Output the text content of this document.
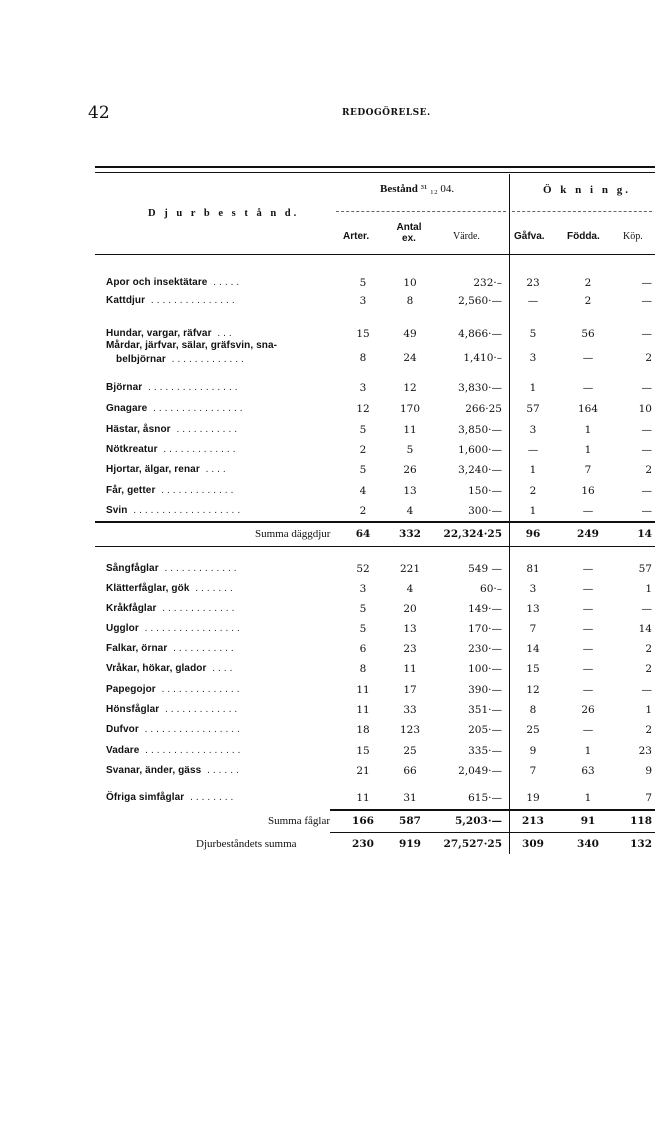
42	REDOGÖRELSE.
Bestånd ³¹ ₁₂ 04.	Ö k n i n g.
D j u r b e s t å n d.
Arter.
Antal ex.	Värde.	Gåfva. Födda. Köp.
Apor och insektätare .....	5	10	232·–	23	2	—
Kattdjur ...............	3	8	2,560·—	—	2	—
Hundar, vargar, räfvar ...	15	49	4,866·—	5	56	—
Mårdar, järfvar, sälar, gräfsvin, sna-
belbjörnar .............	8	24	1,410·–	3	—	2
Björnar ................	3	12	3,830·—	1	—	—
Gnagare ................	12	170	266·25	57	164	10
Hästar, åsnor ...........	5	11	3,850·—	3	1	—
Nötkreatur .............	2	5	1,600·—	—	1	—
Hjortar, älgar, renar ....	5	26	3,240·—	1	7	2
Får, getter .............	4	13	150·—	2	16	—
Svin ...................	2	4	300·—	1	—	—
Summa däggdjur	64	332	22,324·25	96	249	14
Sångfåglar .............	52	221	549 —	81	—	57
Klätterfåglar, gök .......	3	4	60·–	3	—	1
Kråkfåglar .............	5	20	149·—	13	—	—
Ugglor .................	5	13	170·—	7	—	14
Falkar, örnar ...........	6	23	230·—	14	—	2
Vråkar, hökar, glador ....	8	11	100·—	15	—	2
Papegojor ..............	11	17	390·—	12	—	—
Hönsfåglar .............	11	33	351·—	8	26	1
Dufvor .................	18	123	205·—	25	—	2
Vadare .................	15	25	335·—	9	1	23
Svanar, änder, gäss ......	21	66	2,049·—	7	63	9
Öfriga simfåglar ........	11	31	615·—	19	1	7
Summa fåglar 166	587	5,203·—	213	91	118
Djurbeståndets summa	230	919	27,527·25	309	340	132
